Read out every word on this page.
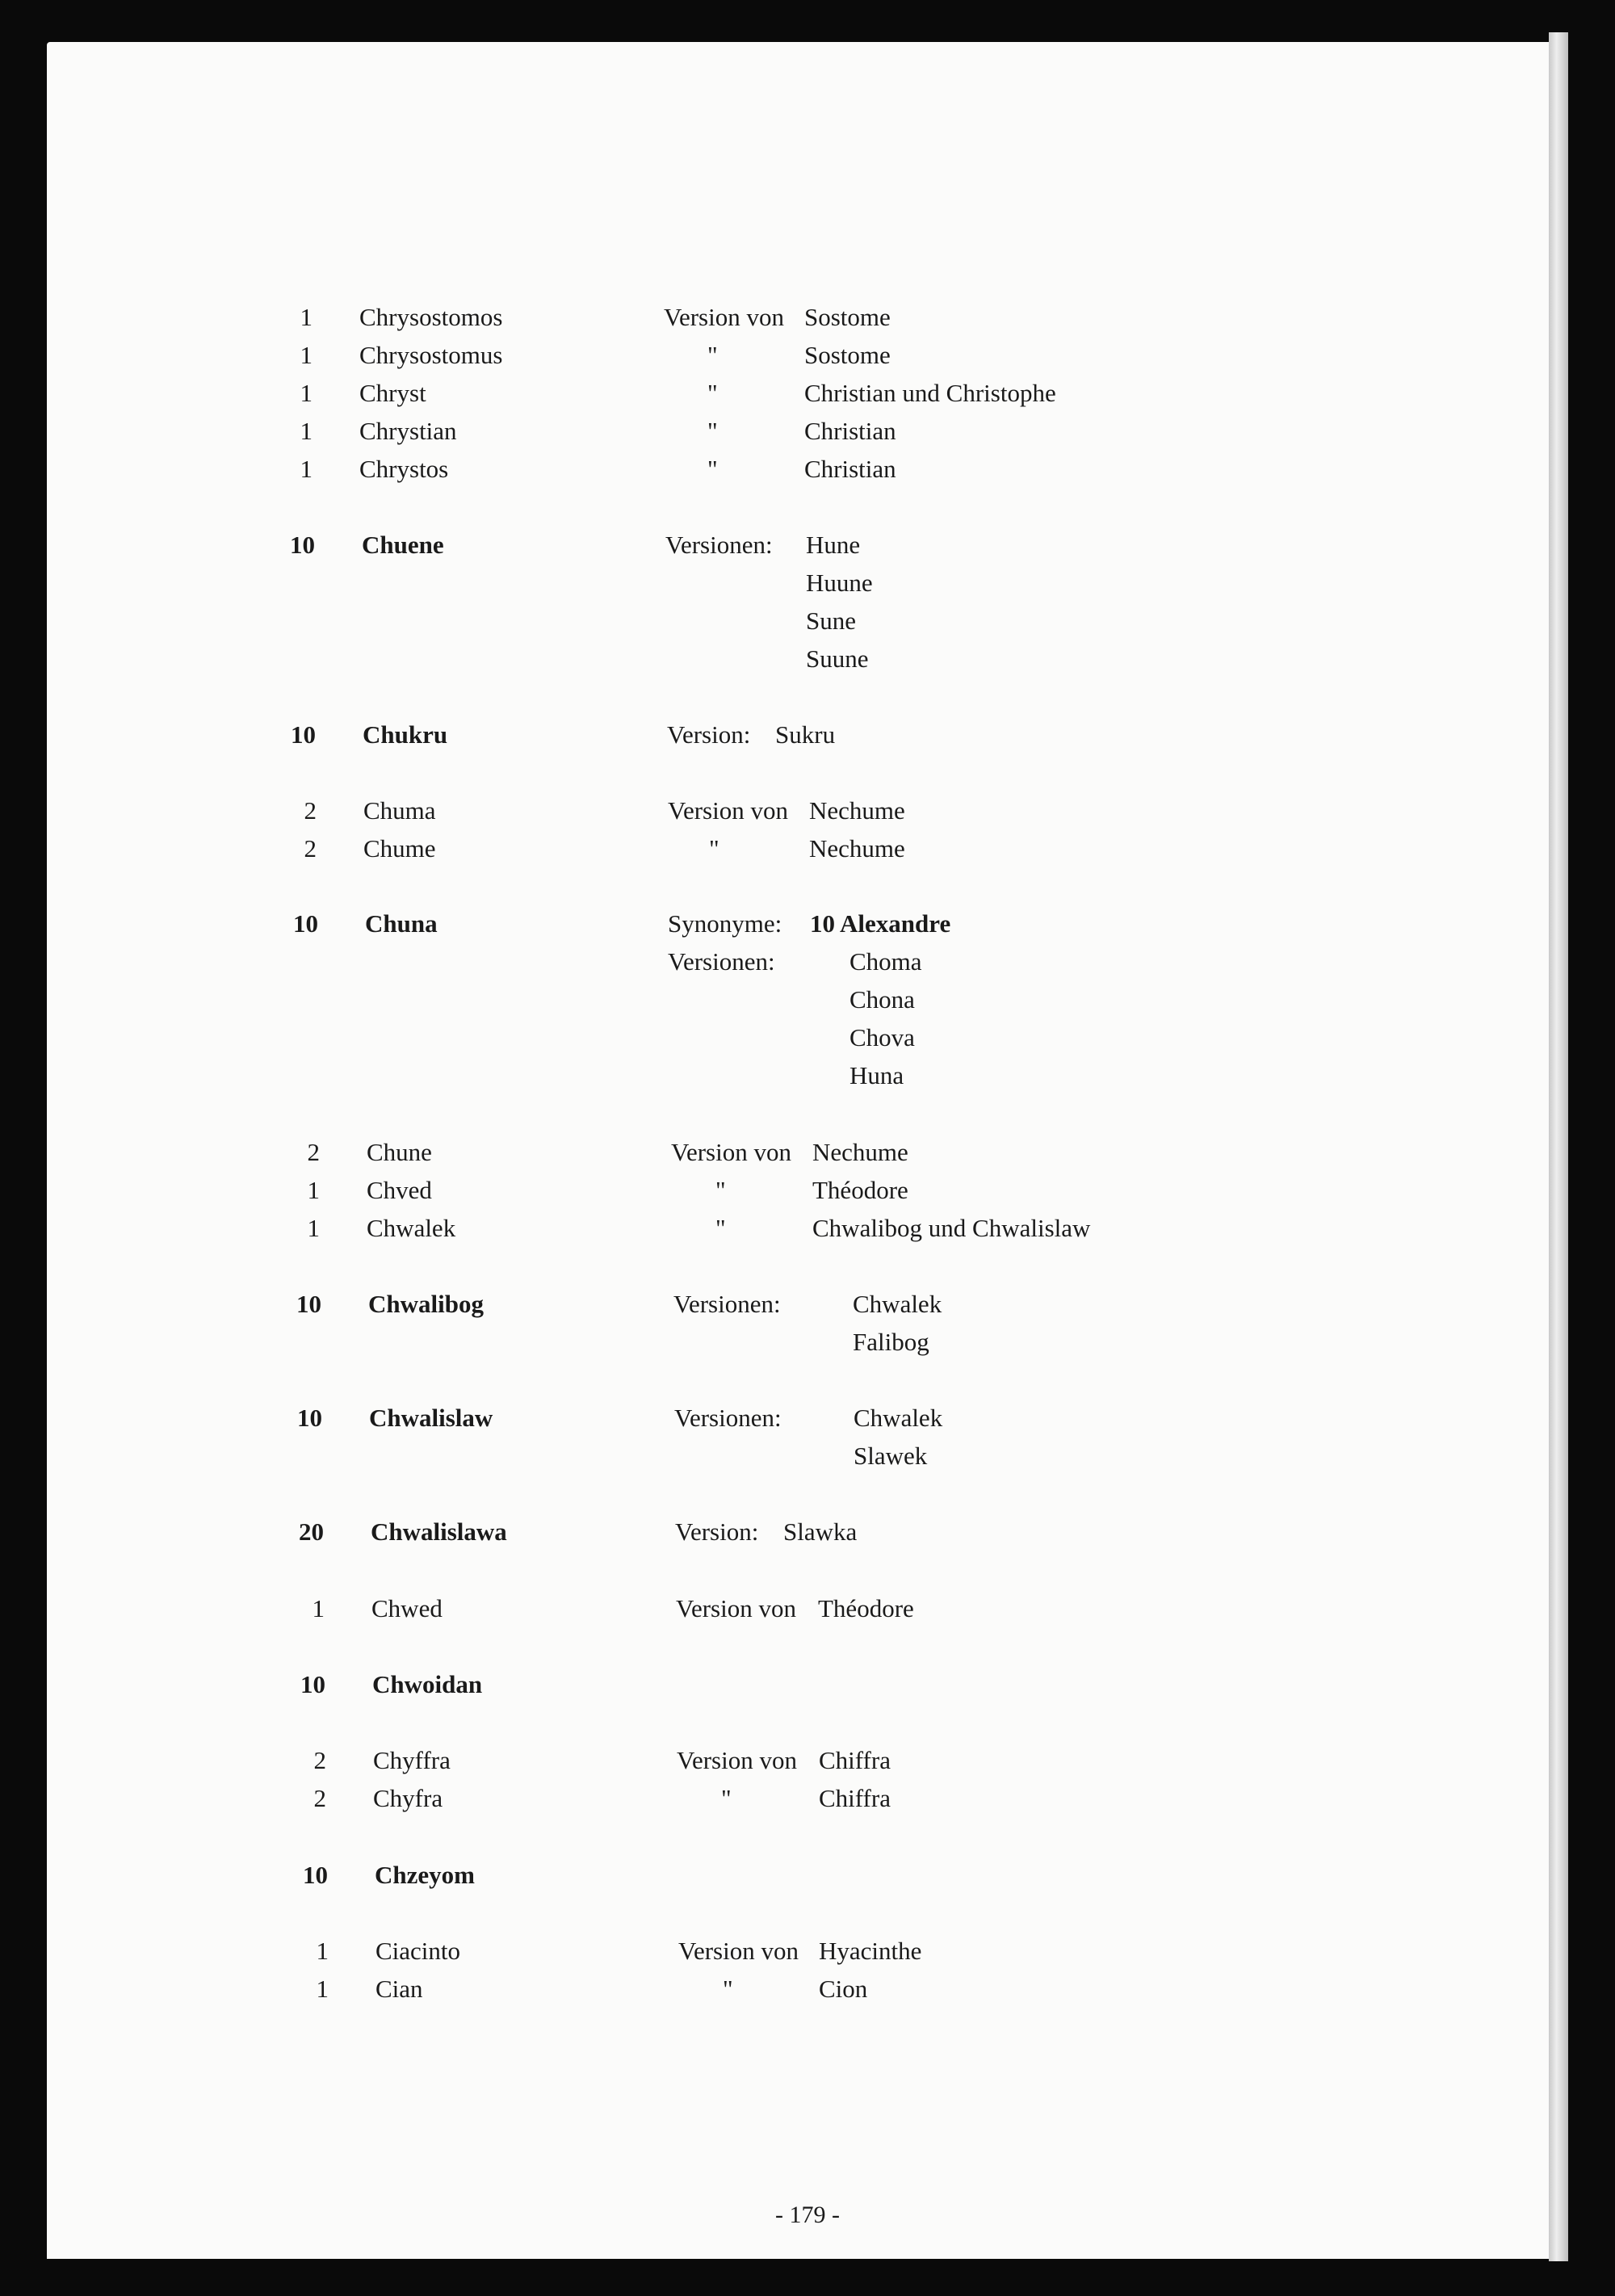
1 Chrysostomos	Version von Sostome
1 Chrysostomus	"	Sostome
1 Chryst	"	Christian und Christophe
1 Chrystian	"	Christian
1 Chrystos	"	Christian
10 Chuene	Versionen: Hune
Huune
Sune
Suune
10 Chukru	Version: Sukru
2 Chuma	Version von Nechume
2 Chume	"	Nechume
10 Chuna	Synonyme: 10 Alexandre
Versionen:	Choma
Chona
Chova
Huna
2 Chune	Version von Nechume
1 Chved	"	Théodore
1 Chwalek	"	Chwalibog und Chwalislaw
10 Chwalibog	Versionen:	Chwalek
Falibog
10 Chwalislaw	Versionen:	Chwalek
Slawek
20 Chwalislawa	Version: Slawka
1 Chwed	Version von Théodore
10 Chwoidan
2 Chyffra	Version von Chiffra
2 Chyfra	"	Chiffra
10 Chzeyom
1 Ciacinto	Version von Hyacinthe
1 Cian	"	Cion
- 179 -
